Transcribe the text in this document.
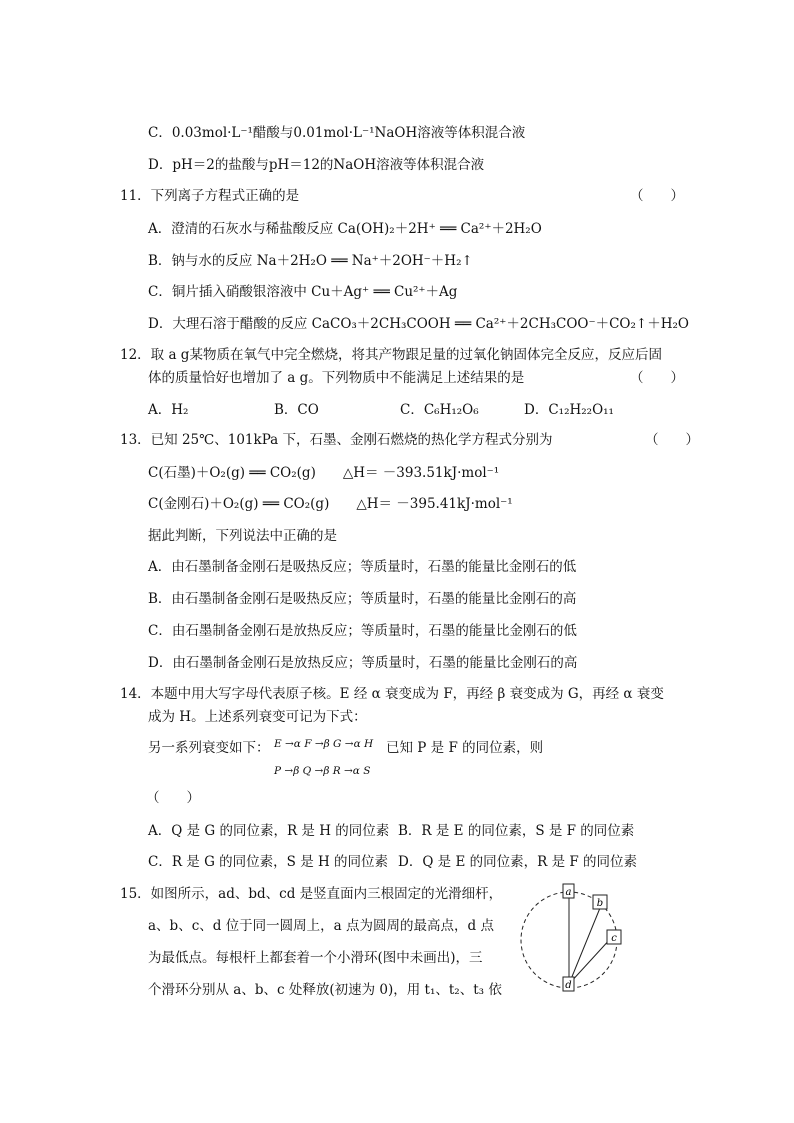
C．0.03mol·L⁻¹醋酸与0.01mol·L⁻¹NaOH溶液等体积混合液
D．pH＝2的盐酸与pH＝12的NaOH溶液等体积混合液
11．下列离子方程式正确的是	（　　）
A．澄清的石灰水与稀盐酸反应 Ca(OH)₂＋2H⁺ ══ Ca²⁺＋2H₂O
B．钠与水的反应 Na＋2H₂O ══ Na⁺＋2OH⁻＋H₂↑
C．铜片插入硝酸银溶液中 Cu＋Ag⁺ ══ Cu²⁺＋Ag
D．大理石溶于醋酸的反应 CaCO₃＋2CH₃COOH ══ Ca²⁺＋2CH₃COO⁻＋CO₂↑＋H₂O
12．取 a g某物质在氧气中完全燃烧，将其产物跟足量的过氧化钠固体完全反应，反应后固
体的质量恰好也增加了 a g。下列物质中不能满足上述结果的是	（　　）
A．H₂	B．CO	C．C₆H₁₂O₆	D．C₁₂H₂₂O₁₁
13．已知 25℃、101kPa 下，石墨、金刚石燃烧的热化学方程式分别为	（　　）
C(石墨)＋O₂(g) ══ CO₂(g)　　△H＝ －393.51kJ·mol⁻¹
C(金刚石)＋O₂(g) ══ CO₂(g)　　△H＝ －395.41kJ·mol⁻¹
据此判断，下列说法中正确的是
A．由石墨制备金刚石是吸热反应；等质量时，石墨的能量比金刚石的低
B．由石墨制备金刚石是吸热反应；等质量时，石墨的能量比金刚石的高
C．由石墨制备金刚石是放热反应；等质量时，石墨的能量比金刚石的低
D．由石墨制备金刚石是放热反应；等质量时，石墨的能量比金刚石的高
14．本题中用大写字母代表原子核。E 经 α 衰变成为 F，再经 β 衰变成为 G，再经 α 衰变
成为 H。上述系列衰变可记为下式：
另一系列衰变如下： E →α F →β G →α H
P →β Q →β R →α S
已知 P 是 F 的同位素，则
（　　）
A．Q 是 G 的同位素，R 是 H 的同位素 B．R 是 E 的同位素，S 是 F 的同位素
C．R 是 G 的同位素，S 是 H 的同位素 D．Q 是 E 的同位素，R 是 F 的同位素
15．如图所示，ad、bd、cd 是竖直面内三根固定的光滑细杆，
a、b、c、d 位于同一圆周上，a 点为圆周的最高点，d 点
为最低点。每根杆上都套着一个小滑环(图中未画出)，三
个滑环分别从 a、b、c 处释放(初速为 0)，用 t₁、t₂、t₃ 依
a
b
c
d
